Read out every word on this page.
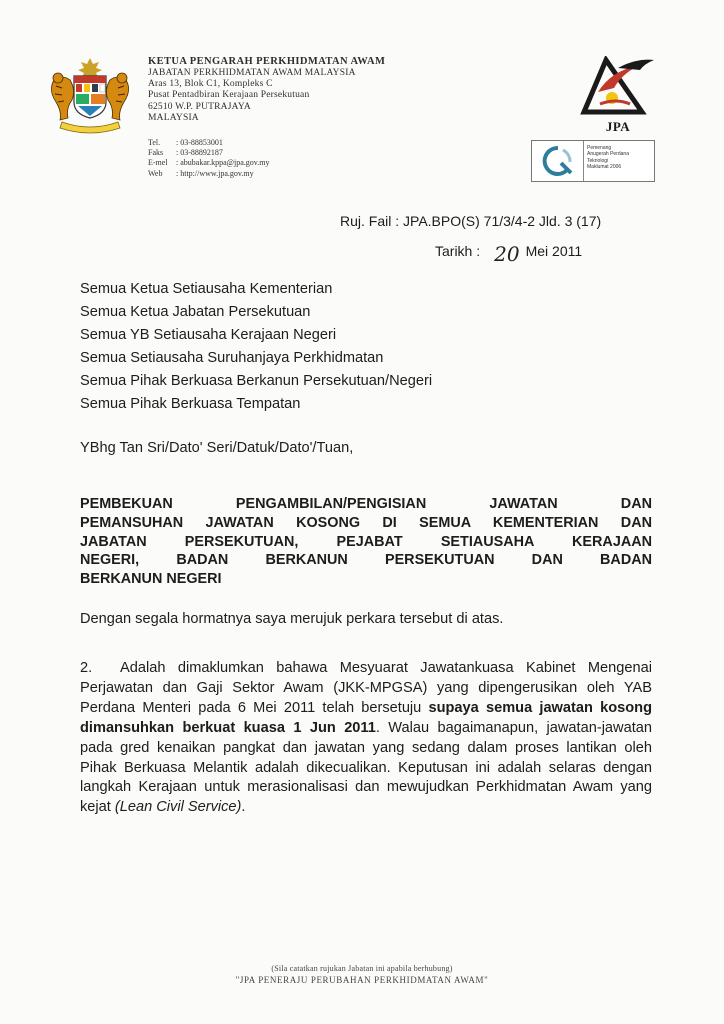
KETUA PENGARAH PERKHIDMATAN AWAM
JABATAN PERKHIDMATAN AWAM MALAYSIA
Aras 13, Blok C1, Kompleks C
Pusat Pentadbiran Kerajaan Persekutuan
62510 W.P. PUTRAJAYA
MALAYSIA
Tel.	: 03-88853001
Faks	: 03-88892187
E-mel	: abubakar.kppa@jpa.gov.my
Web	: http://www.jpa.gov.my
JPA
Pemenang
Anugerah Perdana
Teknologi
Maklumat 2006
Ruj. Fail : JPA.BPO(S) 71/3/4-2 Jld. 3 (17)
Tarikh : 20 Mei 2011
Semua Ketua Setiausaha Kementerian
Semua Ketua Jabatan Persekutuan
Semua YB Setiausaha Kerajaan Negeri
Semua Setiausaha Suruhanjaya Perkhidmatan
Semua Pihak Berkuasa Berkanun Persekutuan/Negeri
Semua Pihak Berkuasa Tempatan
YBhg Tan Sri/Dato' Seri/Datuk/Dato'/Tuan,
PEMBEKUAN PENGAMBILAN/PENGISIAN JAWATAN DAN
PEMANSUHAN JAWATAN KOSONG DI SEMUA KEMENTERIAN DAN
JABATAN PERSEKUTUAN, PEJABAT SETIAUSAHA KERAJAAN
NEGERI, BADAN BERKANUN PERSEKUTUAN DAN BADAN
BERKANUN NEGERI
Dengan segala hormatnya saya merujuk perkara tersebut di atas.
2. Adalah dimaklumkan bahawa Mesyuarat Jawatankuasa Kabinet Mengenai Perjawatan dan Gaji Sektor Awam (JKK-MPGSA) yang dipengerusikan oleh YAB Perdana Menteri pada 6 Mei 2011 telah bersetuju supaya semua jawatan kosong dimansuhkan berkuat kuasa 1 Jun 2011. Walau bagaimanapun, jawatan-jawatan pada gred kenaikan pangkat dan jawatan yang sedang dalam proses lantikan oleh Pihak Berkuasa Melantik adalah dikecualikan. Keputusan ini adalah selaras dengan langkah Kerajaan untuk merasionalisasi dan mewujudkan Perkhidmatan Awam yang kejat (Lean Civil Service).
(Sila catatkan rujukan Jabatan ini apabila berhubung)
"JPA PENERAJU PERUBAHAN PERKHIDMATAN AWAM"
